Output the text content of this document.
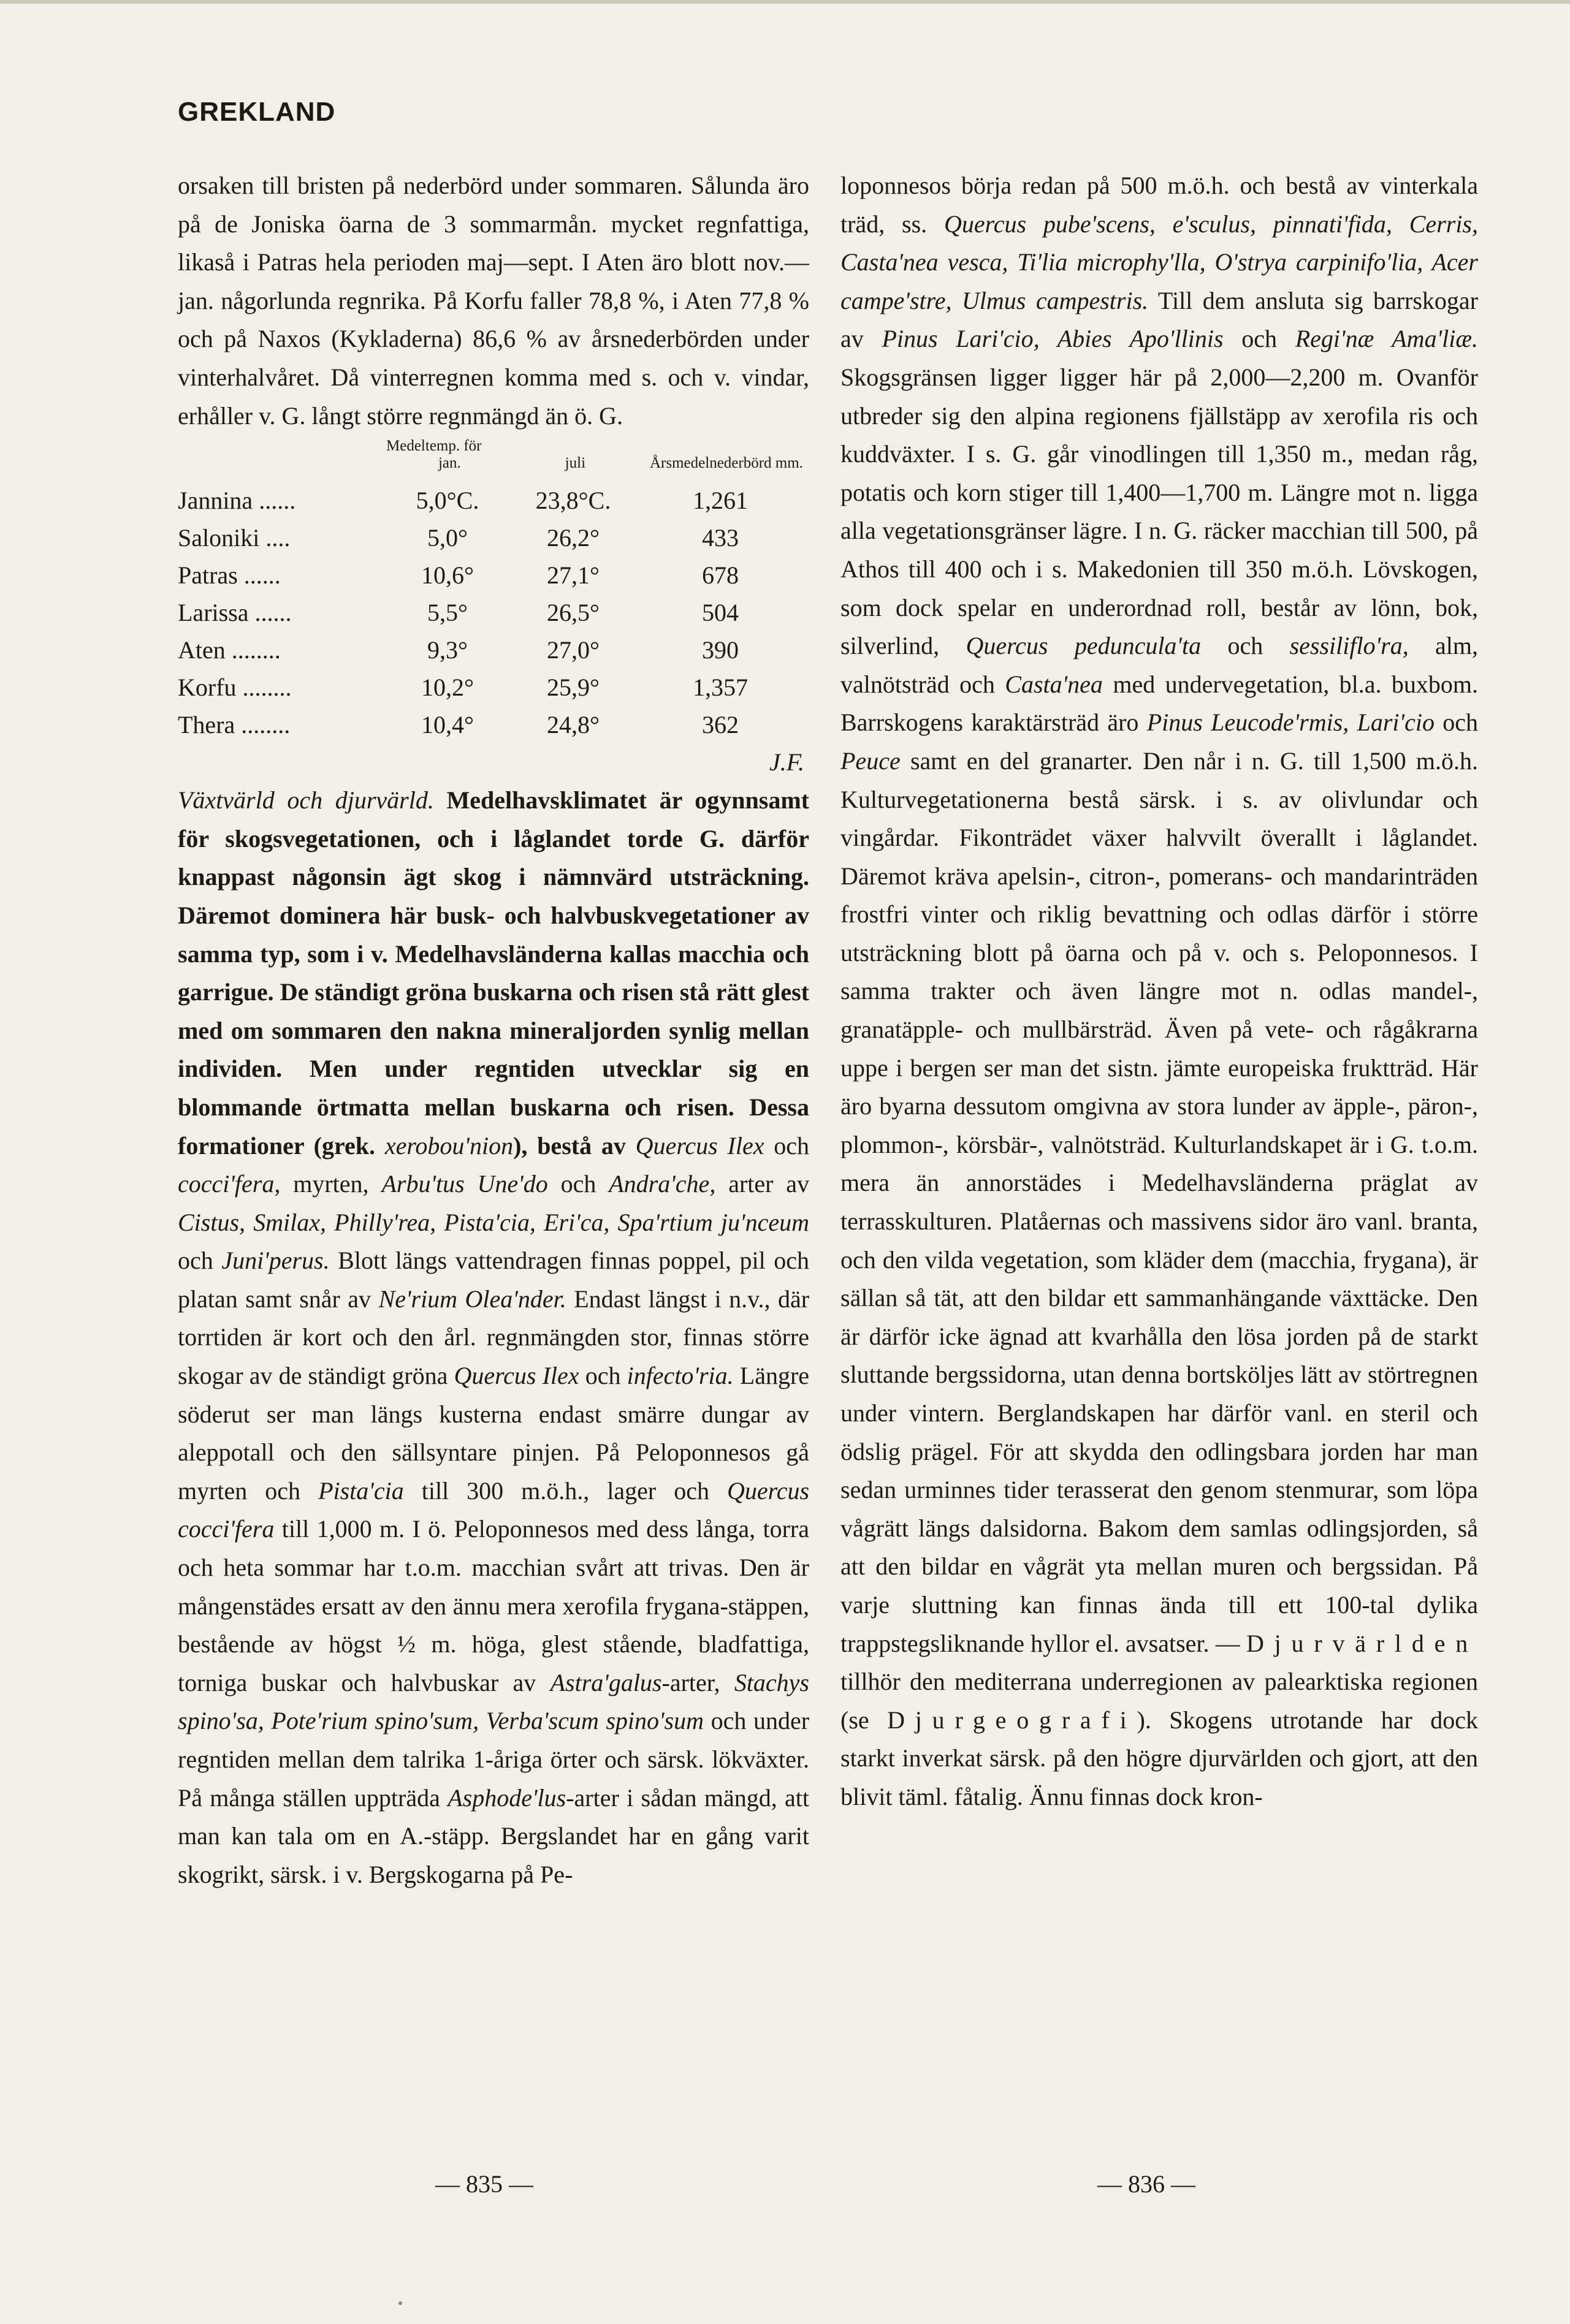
GREKLAND

orsaken till bristen på nederbörd under sommaren. Sålunda äro på de Joniska öarna de 3 sommarmån. mycket regnfattiga, likaså i Patras hela perioden maj—sept. I Aten äro blott nov.—jan. någorlunda regnrika. På Korfu faller 78,8 %, i Aten 77,8 % och på Naxos (Kykladerna) 86,6 % av årsnederbörden under vinterhalvåret. Då vinterregnen komma med s. och v. vindar, erhåller v. G. långt större regnmängd än ö. G.

	Medeltemp. för
jan. juli		Årsmedelnederbörd mm.
Jannina ......	5,0°C.	23,8°C.	1,261
Saloniki ....	5,0°	26,2°	433
Patras ......	10,6°	27,1°	678
Larissa ......	5,5°	26,5°	504
Aten ........	9,3°	27,0°	390
Korfu ........	10,2°	25,9°	1,357
Thera ........	10,4°	24,8°	362
J.F.

Växtvärld och djurvärld. Medelhavsklimatet är ogynnsamt för skogsvegetationen, och i låglandet torde G. därför knappast någonsin ägt skog i nämnvärd utsträckning. Däremot dominera här busk- och halvbuskvegetationer av samma typ, som i v. Medelhavsländerna kallas macchia och garrigue. De ständigt gröna buskarna och risen stå rätt glest med om sommaren den nakna mineraljorden synlig mellan individen. Men under regntiden utvecklar sig en blommande örtmatta mellan buskarna och risen. Dessa formationer (grek. xerobou'nion), bestå av Quercus Ilex och cocci'fera, myrten, Arbu'tus Une'do och Andra'che, arter av Cistus, Smilax, Philly'rea, Pista'cia, Eri'ca, Spa'rtium ju'nceum och Juni'perus. Blott längs vattendragen finnas poppel, pil och platan samt snår av Ne'rium Olea'nder. Endast längst i n.v., där torrtiden är kort och den årl. regnmängden stor, finnas större skogar av de ständigt gröna Quercus Ilex och infecto'ria. Längre söderut ser man längs kusterna endast smärre dungar av aleppotall och den sällsyntare pinjen. På Peloponnesos gå myrten och Pista'cia till 300 m.ö.h., lager och Quercus cocci'fera till 1,000 m. I ö. Peloponnesos med dess långa, torra och heta sommar har t.o.m. macchian svårt att trivas. Den är mångenstädes ersatt av den ännu mera xerofila frygana-stäppen, bestående av högst ½ m. höga, glest stående, bladfattiga, torniga buskar och halvbuskar av Astra'galus-arter, Stachys spino'sa, Pote'rium spino'sum, Verba'scum spino'sum och under regntiden mellan dem talrika 1-åriga örter och särsk. lökväxter. På många ställen uppträda Asphode'lus-arter i sådan mängd, att man kan tala om en A.-stäpp. Bergslandet har en gång varit skogrikt, särsk. i v. Bergskogarna på Pe-

loponnesos börja redan på 500 m.ö.h. och bestå av vinterkala träd, ss. Quercus pube'scens, e'sculus, pinnati'fida, Cerris, Casta'nea vesca, Ti'lia microphy'lla, O'strya carpinifo'lia, Acer campe'stre, Ulmus campestris. Till dem ansluta sig barrskogar av Pinus Lari'cio, Abies Apo'llinis och Regi'næ Ama'liæ. Skogsgränsen ligger ligger här på 2,000—2,200 m. Ovanför utbreder sig den alpina regionens fjällstäpp av xerofila ris och kuddväxter. I s. G. går vinodlingen till 1,350 m., medan råg, potatis och korn stiger till 1,400—1,700 m. Längre mot n. ligga alla vegetationsgränser lägre. I n. G. räcker macchian till 500, på Athos till 400 och i s. Makedonien till 350 m.ö.h. Lövskogen, som dock spelar en underordnad roll, består av lönn, bok, silverlind, Quercus peduncula'ta och sessiliflo'ra, alm, valnötsträd och Casta'nea med undervegetation, bl.a. buxbom. Barrskogens karaktärsträd äro Pinus Leucode'rmis, Lari'cio och Peuce samt en del granarter. Den når i n. G. till 1,500 m.ö.h. Kulturvegetationerna bestå särsk. i s. av olivlundar och vingårdar. Fikonträdet växer halvvilt överallt i låglandet. Däremot kräva apelsin-, citron-, pomerans- och mandarinträden frostfri vinter och riklig bevattning och odlas därför i större utsträckning blott på öarna och på v. och s. Peloponnesos. I samma trakter och även längre mot n. odlas mandel-, granatäpple- och mullbärsträd. Även på vete- och rågåkrarna uppe i bergen ser man det sistn. jämte europeiska fruktträd. Här äro byarna dessutom omgivna av stora lunder av äpple-, päron-, plommon-, körsbär-, valnötsträd. Kulturlandskapet är i G. t.o.m. mera än annorstädes i Medelhavsländerna präglat av terrasskulturen. Platåernas och massivens sidor äro vanl. branta, och den vilda vegetation, som kläder dem (macchia, frygana), är sällan så tät, att den bildar ett sammanhängande växttäcke. Den är därför icke ägnad att kvarhålla den lösa jorden på de starkt sluttande bergssidorna, utan denna bortsköljes lätt av störtregnen under vintern. Berglandskapen har därför vanl. en steril och ödslig prägel. För att skydda den odlingsbara jorden har man sedan urminnes tider terasserat den genom stenmurar, som löpa vågrätt längs dalsidorna. Bakom dem samlas odlingsjorden, så att den bildar en vågrät yta mellan muren och bergssidan. På varje sluttning kan finnas ända till ett 100-tal dylika trappstegsliknande hyllor el. avsatser. — Djurvärlden tillhör den mediterrana underregionen av palearktiska regionen (se Djurgeografi). Skogens utrotande har dock starkt inverkat särsk. på den högre djurvärlden och gjort, att den blivit täml. fåtalig. Ännu finnas dock kron-

— 835 —	— 836 —
